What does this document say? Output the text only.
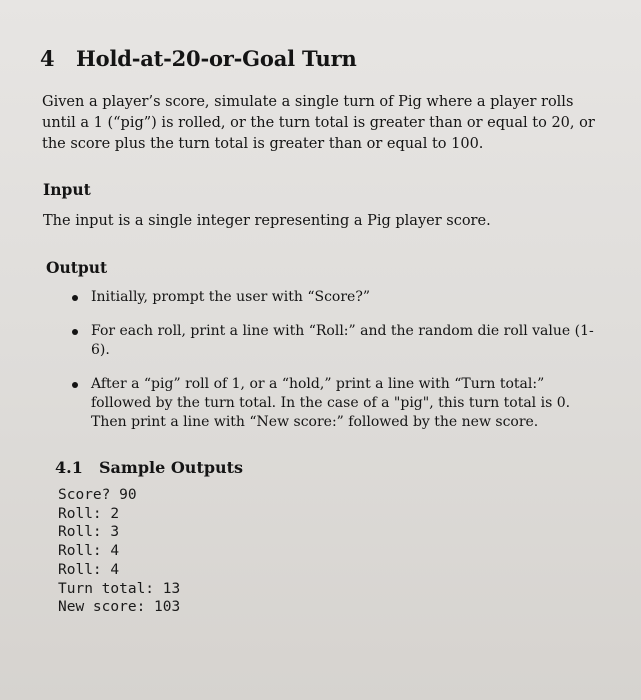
4 Hold-at-20-or-Goal Turn

Given a player’s score, simulate a single turn of Pig where a player rolls until a 1 (“pig”) is rolled, or the turn total is greater than or equal to 20, or the score plus the turn total is greater than or equal to 100.

Input
The input is a single integer representing a Pig player score.
Output
Initially, prompt the user with “Score?”
For each roll, print a line with “Roll:” and the random die roll value (1-6).
After a “pig” roll of 1, or a “hold,” print a line with “Turn total:” followed by the turn total. In the case of a "pig", this turn total is 0. Then print a line with “New score:” followed by the new score.
4.1 Sample Outputs
Score? 90
Roll: 2
Roll: 3
Roll: 4
Roll: 4
Turn total: 13
New score: 103
